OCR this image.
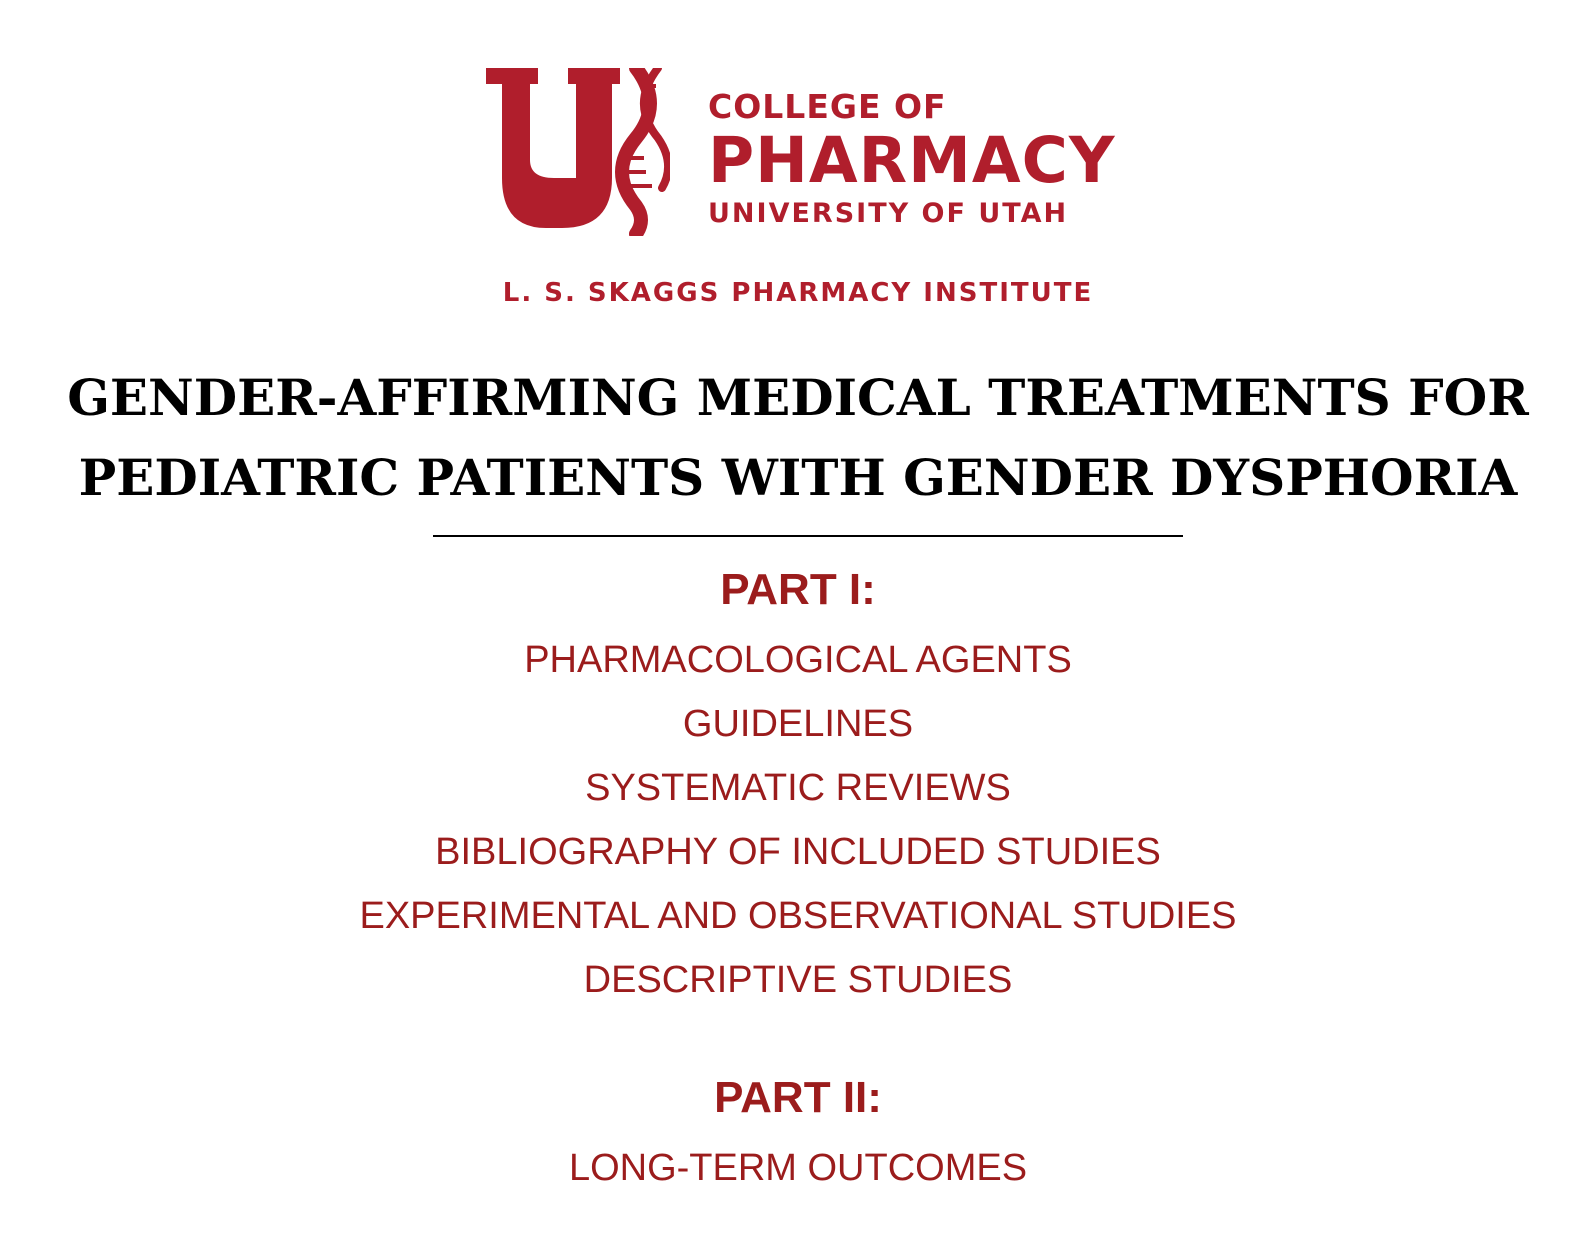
COLLEGE OF
PHARMACY
UNIVERSITY OF UTAH
L. S. SKAGGS PHARMACY INSTITUTE
GENDER-AFFIRMING MEDICAL TREATMENTS FOR
PEDIATRIC PATIENTS WITH GENDER DYSPHORIA
PART I:
PHARMACOLOGICAL AGENTS
GUIDELINES
SYSTEMATIC REVIEWS
BIBLIOGRAPHY OF INCLUDED STUDIES
EXPERIMENTAL AND OBSERVATIONAL STUDIES
DESCRIPTIVE STUDIES
PART II:
LONG-TERM OUTCOMES
